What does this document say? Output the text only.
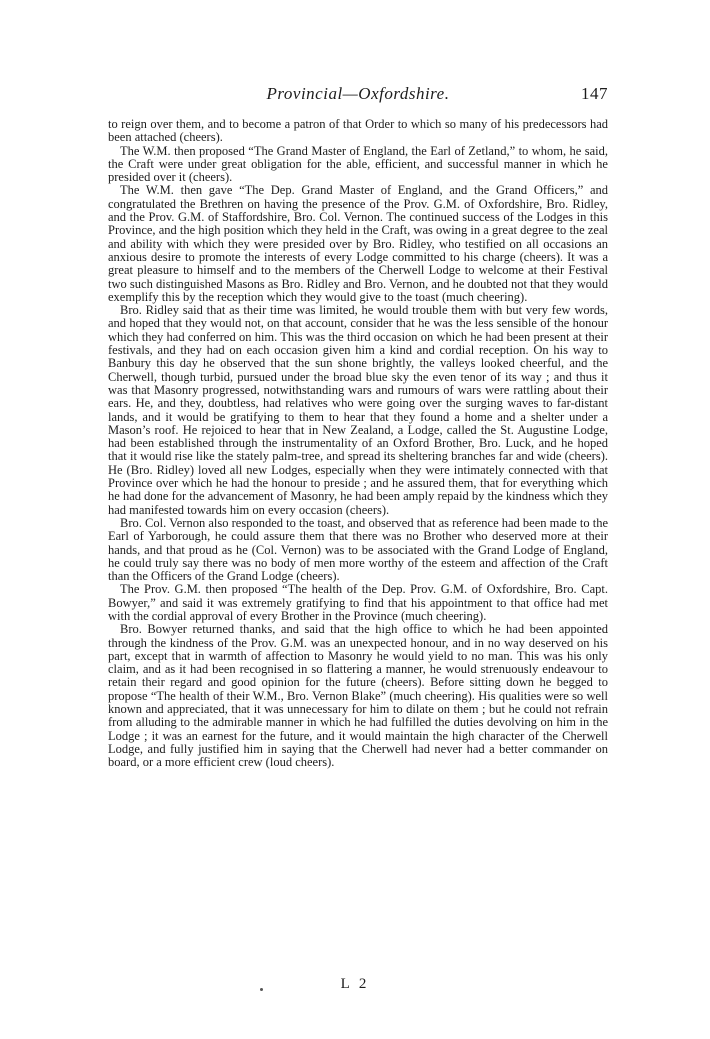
Provincial—Oxfordshire.	147

to reign over them, and to become a patron of that Order to which so many of his predecessors had been attached (cheers).

The W.M. then proposed “The Grand Master of England, the Earl of Zetland,” to whom, he said, the Craft were under great obligation for the able, efficient, and successful manner in which he presided over it (cheers).

The W.M. then gave “The Dep. Grand Master of England, and the Grand Officers,” and congratulated the Brethren on having the presence of the Prov. G.M. of Oxfordshire, Bro. Ridley, and the Prov. G.M. of Staffordshire, Bro. Col. Vernon. The continued success of the Lodges in this Province, and the high position which they held in the Craft, was owing in a great degree to the zeal and ability with which they were presided over by Bro. Ridley, who testified on all occasions an anxious desire to promote the interests of every Lodge committed to his charge (cheers). It was a great pleasure to himself and to the members of the Cherwell Lodge to welcome at their Festival two such distinguished Masons as Bro. Ridley and Bro. Vernon, and he doubted not that they would exemplify this by the reception which they would give to the toast (much cheering).

Bro. Ridley said that as their time was limited, he would trouble them with but very few words, and hoped that they would not, on that account, consider that he was the less sensible of the honour which they had conferred on him. This was the third occasion on which he had been present at their festivals, and they had on each occasion given him a kind and cordial reception. On his way to Banbury this day he observed that the sun shone brightly, the valleys looked cheerful, and the Cherwell, though turbid, pursued under the broad blue sky the even tenor of its way ; and thus it was that Masonry progressed, notwithstanding wars and rumours of wars were rattling about their ears. He, and they, doubtless, had relatives who were going over the surging waves to far-distant lands, and it would be gratifying to them to hear that they found a home and a shelter under a Mason’s roof. He rejoiced to hear that in New Zealand, a Lodge, called the St. Augustine Lodge, had been established through the instrumentality of an Oxford Brother, Bro. Luck, and he hoped that it would rise like the stately palm-tree, and spread its sheltering branches far and wide (cheers). He (Bro. Ridley) loved all new Lodges, especially when they were intimately connected with that Province over which he had the honour to preside ; and he assured them, that for everything which he had done for the advancement of Masonry, he had been amply repaid by the kindness which they had manifested towards him on every occasion (cheers).

Bro. Col. Vernon also responded to the toast, and observed that as reference had been made to the Earl of Yarborough, he could assure them that there was no Brother who deserved more at their hands, and that proud as he (Col. Vernon) was to be associated with the Grand Lodge of England, he could truly say there was no body of men more worthy of the esteem and affection of the Craft than the Officers of the Grand Lodge (cheers).

The Prov. G.M. then proposed “The health of the Dep. Prov. G.M. of Oxfordshire, Bro. Capt. Bowyer,” and said it was extremely gratifying to find that his appointment to that office had met with the cordial approval of every Brother in the Province (much cheering).

Bro. Bowyer returned thanks, and said that the high office to which he had been appointed through the kindness of the Prov. G.M. was an unexpected honour, and in no way deserved on his part, except that in warmth of affection to Masonry he would yield to no man. This was his only claim, and as it had been recognised in so flattering a manner, he would strenuously endeavour to retain their regard and good opinion for the future (cheers). Before sitting down he begged to propose “The health of their W.M., Bro. Vernon Blake” (much cheering). His qualities were so well known and appreciated, that it was unnecessary for him to dilate on them ; but he could not refrain from alluding to the admirable manner in which he had fulfilled the duties devolving on him in the Lodge ; it was an earnest for the future, and it would maintain the high character of the Cherwell Lodge, and fully justified him in saying that the Cherwell had never had a better commander on board, or a more efficient crew (loud cheers).

L 2
